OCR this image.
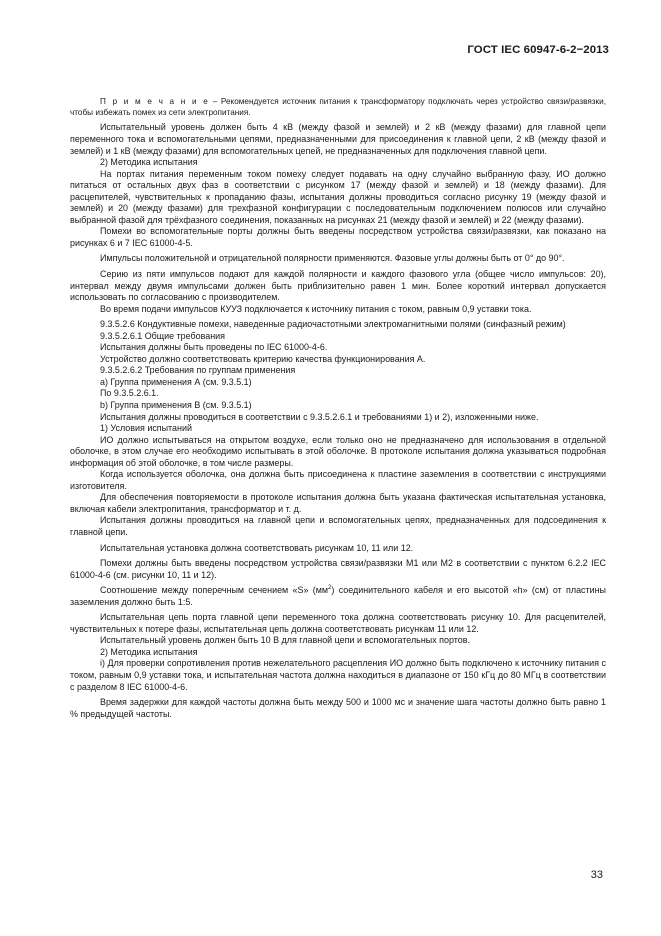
ГОСТ IEC 60947-6-2−2013

П р и м е ч а н и е – Рекомендуется источник питания к трансформатору подключать через устройство связи/развязки, чтобы избежать помех из сети электропитания.

Испытательный уровень должен быть 4 кВ (между фазой и землей) и 2 кВ (между фазами) для главной цепи переменного тока и вспомогательными цепями, предназначенными для присоединения к главной цепи, 2 кВ (между фазой и землей) и 1 кВ (между фазами) для вспомогательных цепей, не предназначенных для подключения главной цепи.

2) Методика испытания

На портах питания переменным током помеху следует подавать на одну случайно выбранную фазу, ИО должно питаться от остальных двух фаз в соответствии с рисунком 17 (между фазой и землей) и 18 (между фазами). Для расцепителей, чувствительных к пропаданию фазы, испытания должны проводиться согласно рисунку 19 (между фазой и землей) и 20 (между фазами) для трехфазной конфигурации с последовательным подключением полюсов или случайно выбранной фазой для трёхфазного соединения, показанных на рисунках 21 (между фазой и землей) и 22 (между фазами).

Помехи во вспомогательные порты должны быть введены посредством устройства связи/развязки, как показано на рисунках 6 и 7 IEC 61000-4-5.

Импульсы положительной и отрицательной полярности применяются. Фазовые углы должны быть от 0° до 90°.

Серию из пяти импульсов подают для каждой полярности и каждого фазового угла (общее число импульсов: 20), интервал между двумя импульсами должен быть приблизительно равен 1 мин. Более короткий интервал допускается использовать по согласованию с производителем.

Во время подачи импульсов КУУЗ подключается к источнику питания с током, равным 0,9 уставки тока.

9.3.5.2.6 Кондуктивные помехи, наведенные радиочастотными электромагнитными полями (синфазный режим)

9.3.5.2.6.1 Общие требования

Испытания должны быть проведены по IEC 61000-4-6.

Устройство должно соответствовать критерию качества функционирования А.

9.3.5.2.6.2 Требования по группам применения

a) Группа применения А (см. 9.3.5.1)

По 9.3.5.2.6.1.

b) Группа применения В (см. 9.3.5.1)

Испытания должны проводиться в соответствии с 9.3.5.2.6.1 и требованиями 1) и 2), изложенными ниже.

1) Условия испытаний

ИО должно испытываться на открытом воздухе, если только оно не предназначено для использования в отдельной оболочке, в этом случае его необходимо испытывать в этой оболочке. В протоколе испытания должна указываться подробная информация об этой оболочке, в том числе размеры.

Когда используется оболочка, она должна быть присоединена к пластине заземления в соответствии с инструкциями изготовителя.

Для обеспечения повторяемости в протоколе испытания должна быть указана фактическая испытательная установка, включая кабели электропитания, трансформатор и т. д.

Испытания должны проводиться на главной цепи и вспомогательных цепях, предназначенных для подсоединения к главной цепи.

Испытательная установка должна соответствовать рисункам 10, 11 или 12.

Помехи должны быть введены посредством устройства связи/развязки М1 или М2 в соответствии с пунктом 6.2.2 IEC 61000-4-6 (см. рисунки 10, 11 и 12).

Соотношение между поперечным сечением «S» $(мм^2)$ соединительного кабеля и его высотой «h» (см) от пластины заземления должно быть 1:5.

Испытательная цепь порта главной цепи переменного тока должна соответствовать рисунку 10. Для расцепителей, чувствительных к потере фазы, испытательная цепь должна соответствовать рисункам 11 или 12.

Испытательный уровень должен быть 10 В для главной цепи и вспомогательных портов.

2) Методика испытания

i) Для проверки сопротивления против нежелательного расцепления ИО должно быть подключено к источнику питания с током, равным 0,9 уставки тока, и испытательная частота должна находиться в диапазоне от 150 кГц до 80 МГц в соответствии с разделом 8 IEC 61000-4-6.

Время задержки для каждой частоты должна быть между 500 и 1000 мс и значение шага частоты должно быть равно 1 % предыдущей частоты.

33
